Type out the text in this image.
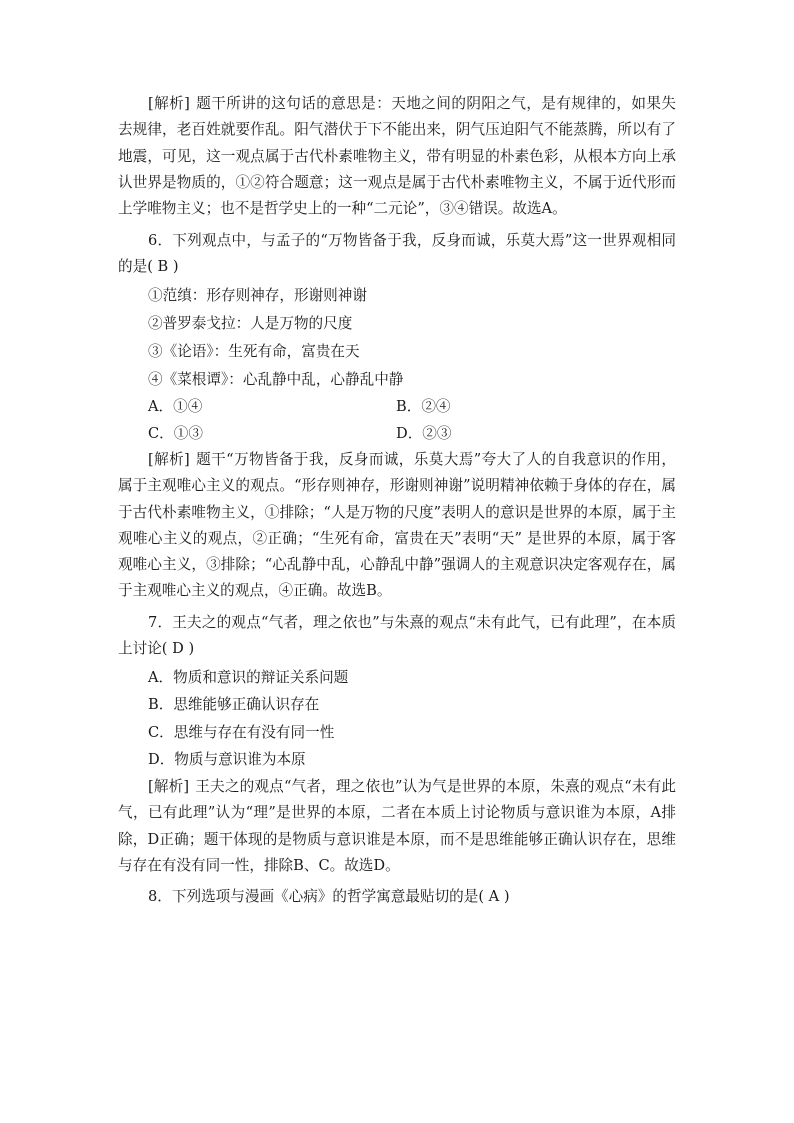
[解析] 题干所讲的这句话的意思是：天地之间的阴阳之气，是有规律的，如果失去规律，老百姓就要作乱。阳气潜伏于下不能出来，阴气压迫阳气不能蒸腾，所以有了地震，可见，这一观点属于古代朴素唯物主义，带有明显的朴素色彩，从根本方向上承认世界是物质的，①②符合题意；这一观点是属于古代朴素唯物主义，不属于近代形而上学唯物主义；也不是哲学史上的一种“二元论”，③④错误。故选A。

6．下列观点中，与孟子的“万物皆备于我，反身而诚，乐莫大焉”这一世界观相同的是( B )

①范缜：形存则神存，形谢则神谢
②普罗泰戈拉：人是万物的尺度
③《论语》：生死有命，富贵在天
④《菜根谭》：心乱静中乱，心静乱中静
A．①④	B．②④
C．①③	D．②③

[解析] 题干“万物皆备于我，反身而诚，乐莫大焉”夸大了人的自我意识的作用，属于主观唯心主义的观点。“形存则神存，形谢则神谢”说明精神依赖于身体的存在，属于古代朴素唯物主义，①排除；“人是万物的尺度”表明人的意识是世界的本原，属于主观唯心主义的观点，②正确；“生死有命，富贵在天”表明“天” 是世界的本原，属于客观唯心主义，③排除；“心乱静中乱，心静乱中静”强调人的主观意识决定客观存在，属于主观唯心主义的观点，④正确。故选B。

7．王夫之的观点“气者，理之依也”与朱熹的观点“未有此气，已有此理”，在本质上讨论( D )

A．物质和意识的辩证关系问题
B．思维能够正确认识存在
C．思维与存在有没有同一性
D．物质与意识谁为本原

[解析] 王夫之的观点“气者，理之依也”认为气是世界的本原，朱熹的观点“未有此气，已有此理”认为“理”是世界的本原，二者在本质上讨论物质与意识谁为本原，A排除，D正确；题干体现的是物质与意识谁是本原，而不是思维能够正确认识存在，思维与存在有没有同一性，排除B、C。故选D。

8．下列选项与漫画《心病》的哲学寓意最贴切的是( A )
